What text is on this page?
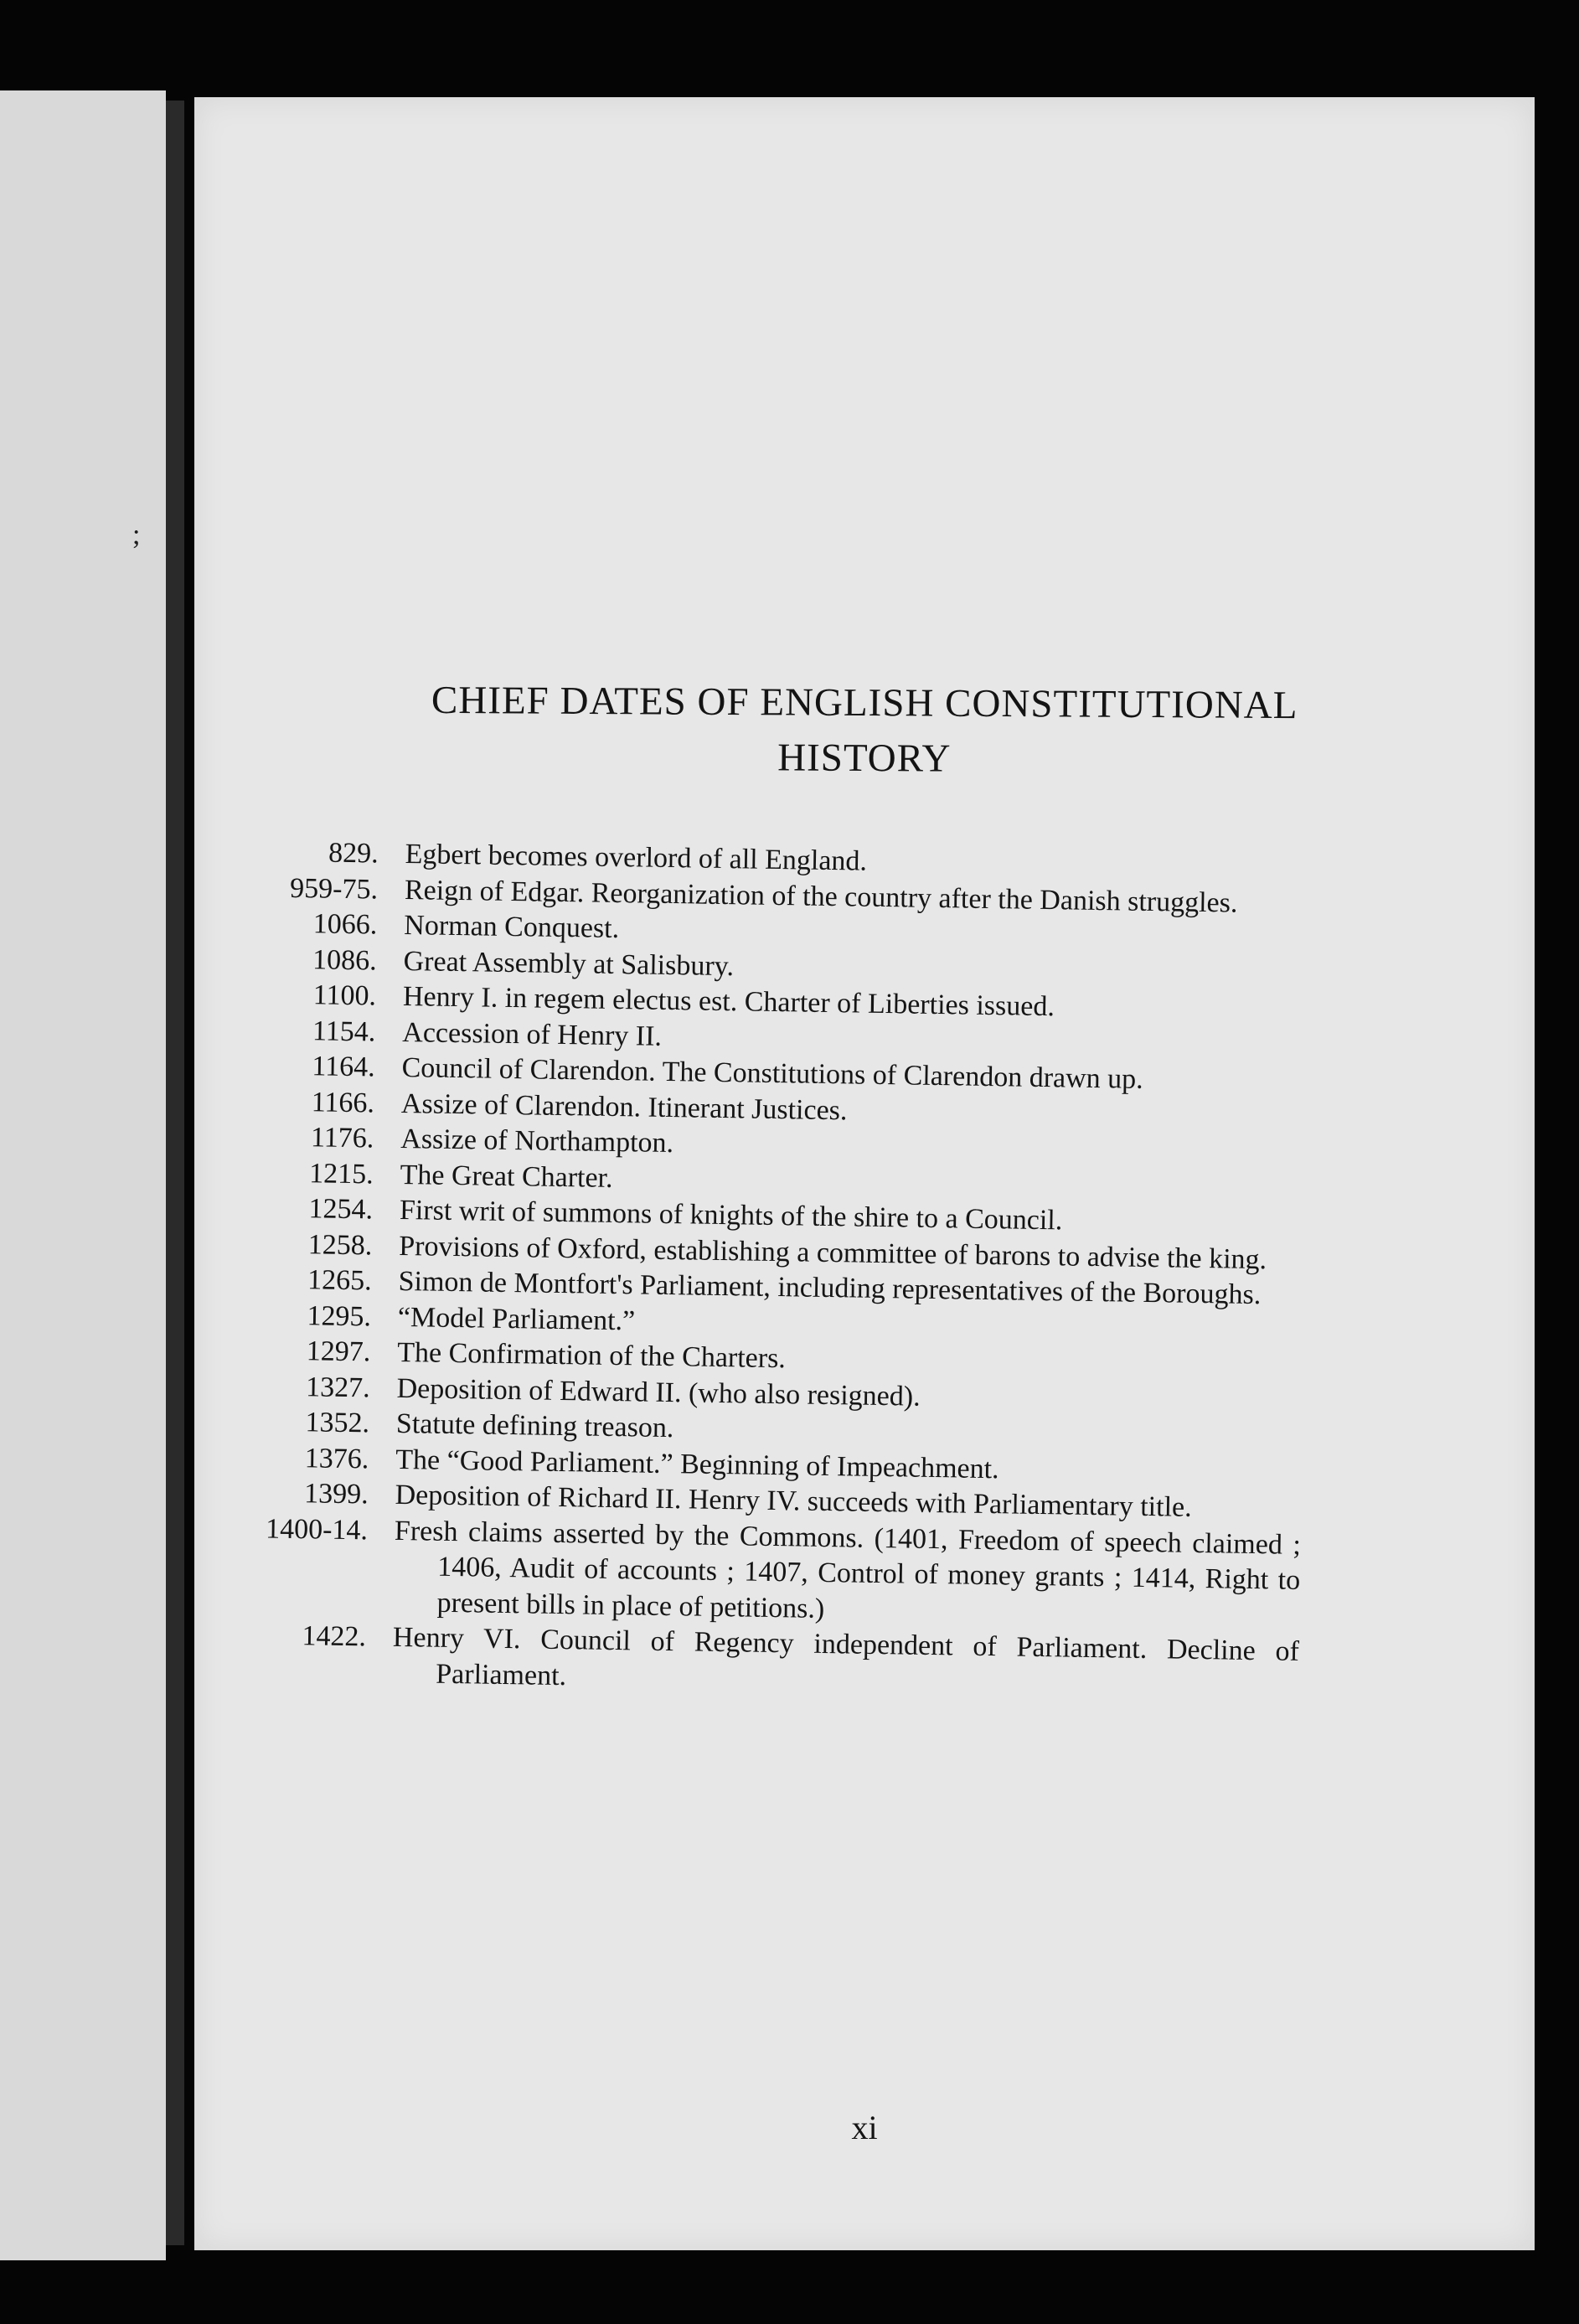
;
CHIEF DATES OF ENGLISH CONSTITUTIONAL
HISTORY
829. Egbert becomes overlord of all England.
959-75. Reign of Edgar. Reorganization of the country after the Danish struggles.
1066. Norman Conquest.
1086. Great Assembly at Salisbury.
1100. Henry I. in regem electus est. Charter of Liberties issued.
1154. Accession of Henry II.
1164. Council of Clarendon. The Constitutions of Clarendon drawn up.
1166. Assize of Clarendon. Itinerant Justices.
1176. Assize of Northampton.
1215. The Great Charter.
1254. First writ of summons of knights of the shire to a Council.
1258. Provisions of Oxford, establishing a committee of barons to advise the king.
1265. Simon de Montfort's Parliament, including representatives of the Boroughs.
1295. “Model Parliament.”
1297. The Confirmation of the Charters.
1327. Deposition of Edward II. (who also resigned).
1352. Statute defining treason.
1376. The “Good Parliament.” Beginning of Impeachment.
1399. Deposition of Richard II. Henry IV. succeeds with Parliamentary title.
1400-14. Fresh claims asserted by the Commons. (1401, Freedom of speech claimed ; 1406, Audit of accounts ; 1407, Control of money grants ; 1414, Right to present bills in place of petitions.)
1422. Henry VI. Council of Regency independent of Parliament. Decline of Parliament.
xi
